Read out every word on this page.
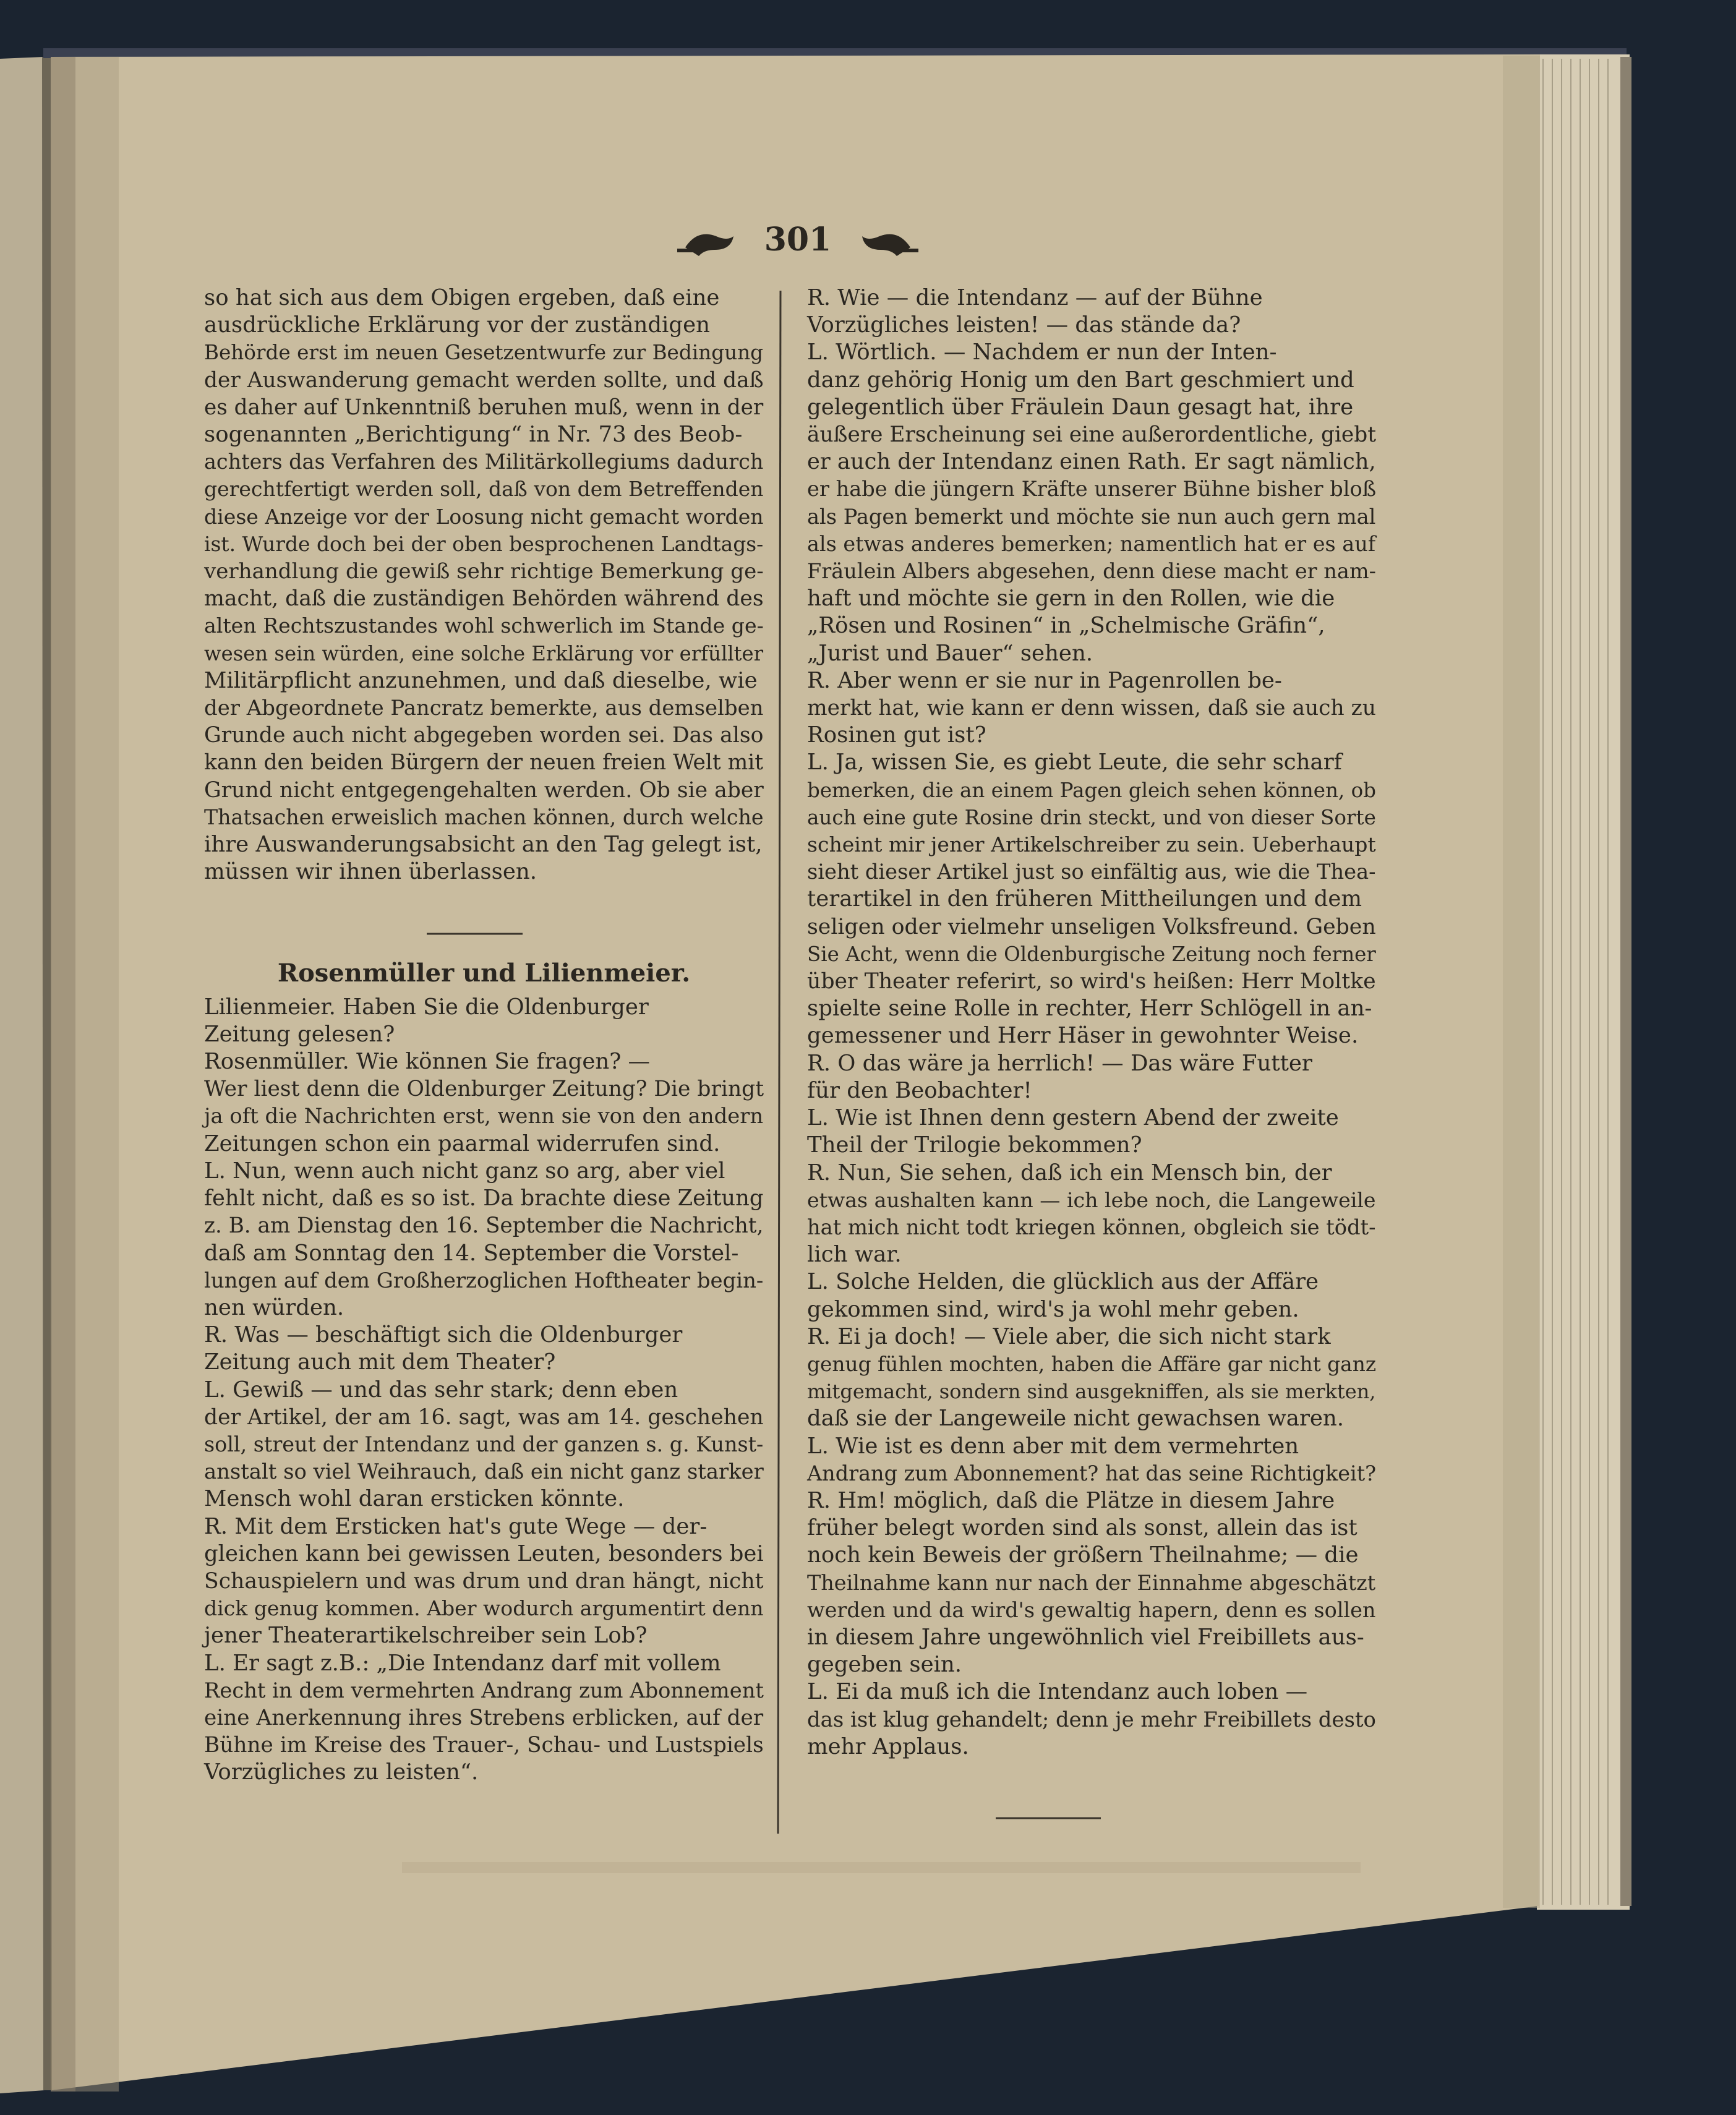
301
so hat sich aus dem Obigen ergeben, daß eine
ausdrückliche Erklärung vor der zuständigen
Behörde erst im neuen Gesetzentwurfe zur Bedingung
der Auswanderung gemacht werden sollte, und daß
es daher auf Unkenntniß beruhen muß, wenn in der
sogenannten „Berichtigung“ in Nr. 73 des Beob-
achters das Verfahren des Militärkollegiums dadurch
gerechtfertigt werden soll, daß von dem Betreffenden
diese Anzeige vor der Loosung nicht gemacht worden
ist. Wurde doch bei der oben besprochenen Landtags-
verhandlung die gewiß sehr richtige Bemerkung ge-
macht, daß die zuständigen Behörden während des
alten Rechtszustandes wohl schwerlich im Stande ge-
wesen sein würden, eine solche Erklärung vor erfüllter
Militärpflicht anzunehmen, und daß dieselbe, wie
der Abgeordnete Pancratz bemerkte, aus demselben
Grunde auch nicht abgegeben worden sei. Das also
kann den beiden Bürgern der neuen freien Welt mit
Grund nicht entgegengehalten werden. Ob sie aber
Thatsachen erweislich machen können, durch welche
ihre Auswanderungsabsicht an den Tag gelegt ist,
müssen wir ihnen überlassen.
Rosenmüller und Lilienmeier.
Lilienmeier. Haben Sie die Oldenburger
Zeitung gelesen?
Rosenmüller. Wie können Sie fragen? —
Wer liest denn die Oldenburger Zeitung? Die bringt
ja oft die Nachrichten erst, wenn sie von den andern
Zeitungen schon ein paarmal widerrufen sind.
L. Nun, wenn auch nicht ganz so arg, aber viel
fehlt nicht, daß es so ist. Da brachte diese Zeitung
z. B. am Dienstag den 16. September die Nachricht,
daß am Sonntag den 14. September die Vorstel-
lungen auf dem Großherzoglichen Hoftheater begin-
nen würden.
R. Was — beschäftigt sich die Oldenburger
Zeitung auch mit dem Theater?
L. Gewiß — und das sehr stark; denn eben
der Artikel, der am 16. sagt, was am 14. geschehen
soll, streut der Intendanz und der ganzen s. g. Kunst-
anstalt so viel Weihrauch, daß ein nicht ganz starker
Mensch wohl daran ersticken könnte.
R. Mit dem Ersticken hat's gute Wege — der-
gleichen kann bei gewissen Leuten, besonders bei
Schauspielern und was drum und dran hängt, nicht
dick genug kommen. Aber wodurch argumentirt denn
jener Theaterartikelschreiber sein Lob?
L. Er sagt z.B.: „Die Intendanz darf mit vollem
Recht in dem vermehrten Andrang zum Abonnement
eine Anerkennung ihres Strebens erblicken, auf der
Bühne im Kreise des Trauer-, Schau- und Lustspiels
Vorzügliches zu leisten“.
R. Wie — die Intendanz — auf der Bühne
Vorzügliches leisten! — das stände da?
L. Wörtlich. — Nachdem er nun der Inten-
danz gehörig Honig um den Bart geschmiert und
gelegentlich über Fräulein Daun gesagt hat, ihre
äußere Erscheinung sei eine außerordentliche, giebt
er auch der Intendanz einen Rath. Er sagt nämlich,
er habe die jüngern Kräfte unserer Bühne bisher bloß
als Pagen bemerkt und möchte sie nun auch gern mal
als etwas anderes bemerken; namentlich hat er es auf
Fräulein Albers abgesehen, denn diese macht er nam-
haft und möchte sie gern in den Rollen, wie die
„Rösen und Rosinen“ in „Schelmische Gräfin“,
„Jurist und Bauer“ sehen.
R. Aber wenn er sie nur in Pagenrollen be-
merkt hat, wie kann er denn wissen, daß sie auch zu
Rosinen gut ist?
L. Ja, wissen Sie, es giebt Leute, die sehr scharf
bemerken, die an einem Pagen gleich sehen können, ob
auch eine gute Rosine drin steckt, und von dieser Sorte
scheint mir jener Artikelschreiber zu sein. Ueberhaupt
sieht dieser Artikel just so einfältig aus, wie die Thea-
terartikel in den früheren Mittheilungen und dem
seligen oder vielmehr unseligen Volksfreund. Geben
Sie Acht, wenn die Oldenburgische Zeitung noch ferner
über Theater referirt, so wird's heißen: Herr Moltke
spielte seine Rolle in rechter, Herr Schlögell in an-
gemessener und Herr Häser in gewohnter Weise.
R. O das wäre ja herrlich! — Das wäre Futter
für den Beobachter!
L. Wie ist Ihnen denn gestern Abend der zweite
Theil der Trilogie bekommen?
R. Nun, Sie sehen, daß ich ein Mensch bin, der
etwas aushalten kann — ich lebe noch, die Langeweile
hat mich nicht todt kriegen können, obgleich sie tödt-
lich war.
L. Solche Helden, die glücklich aus der Affäre
gekommen sind, wird's ja wohl mehr geben.
R. Ei ja doch! — Viele aber, die sich nicht stark
genug fühlen mochten, haben die Affäre gar nicht ganz
mitgemacht, sondern sind ausgekniffen, als sie merkten,
daß sie der Langeweile nicht gewachsen waren.
L. Wie ist es denn aber mit dem vermehrten
Andrang zum Abonnement? hat das seine Richtigkeit?
R. Hm! möglich, daß die Plätze in diesem Jahre
früher belegt worden sind als sonst, allein das ist
noch kein Beweis der größern Theilnahme; — die
Theilnahme kann nur nach der Einnahme abgeschätzt
werden und da wird's gewaltig hapern, denn es sollen
in diesem Jahre ungewöhnlich viel Freibillets aus-
gegeben sein.
L. Ei da muß ich die Intendanz auch loben —
das ist klug gehandelt; denn je mehr Freibillets desto
mehr Applaus.
